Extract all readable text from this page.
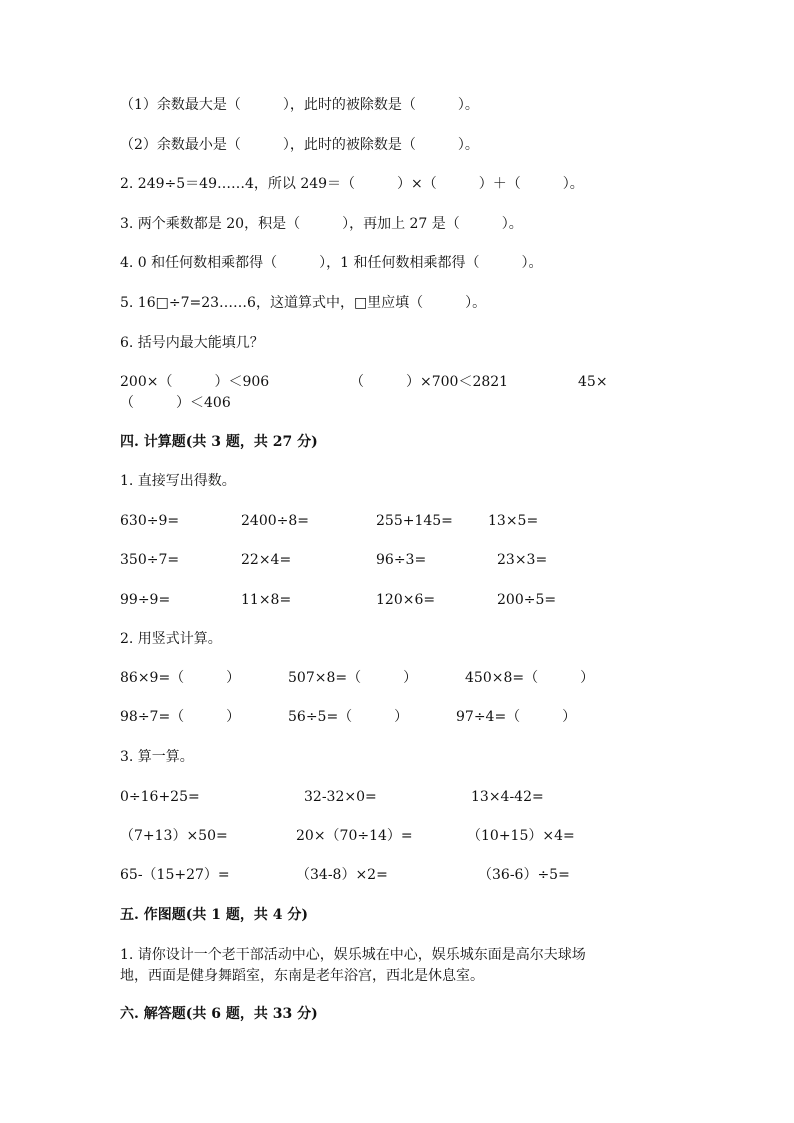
（1）余数最大是（　　　），此时的被除数是（　　　）。
（2）余数最小是（　　　），此时的被除数是（　　　）。
2. 249÷5＝49……4，所以 249＝（　　　）×（　　　）＋（　　　）。
3. 两个乘数都是 20，积是（　　　），再加上 27 是（　　　）。
4. 0 和任何数相乘都得（　　　），1 和任何数相乘都得（　　　）。
5. 16□÷7=23……6，这道算式中，□里应填（　　　）。
6. 括号内最大能填几？
200×（　　　）＜906	（　　　）×700＜2821	45×
（　　　）＜406
四. 计算题(共 3 题，共 27 分)
1. 直接写出得数。
630÷9=	2400÷8=	255+145=	13×5=
350÷7=	22×4=	96÷3=	23×3=
99÷9=	11×8=	120×6=	200÷5=
2. 用竖式计算。
86×9=（　　　）	507×8=（　　　）	450×8=（　　　）
98÷7=（　　　）	56÷5=（　　　）	97÷4=（　　　）
3. 算一算。
0÷16+25=	32-32×0=	13×4-42=
（7+13）×50=	20×（70÷14）=	（10+15）×4=
65-（15+27）=	（34-8）×2=	（36-6）÷5=
五. 作图题(共 1 题，共 4 分)
1. 请你设计一个老干部活动中心，娱乐城在中心，娱乐城东面是高尔夫球场
地，西面是健身舞蹈室，东南是老年浴宫，西北是休息室。
六. 解答题(共 6 题，共 33 分)
